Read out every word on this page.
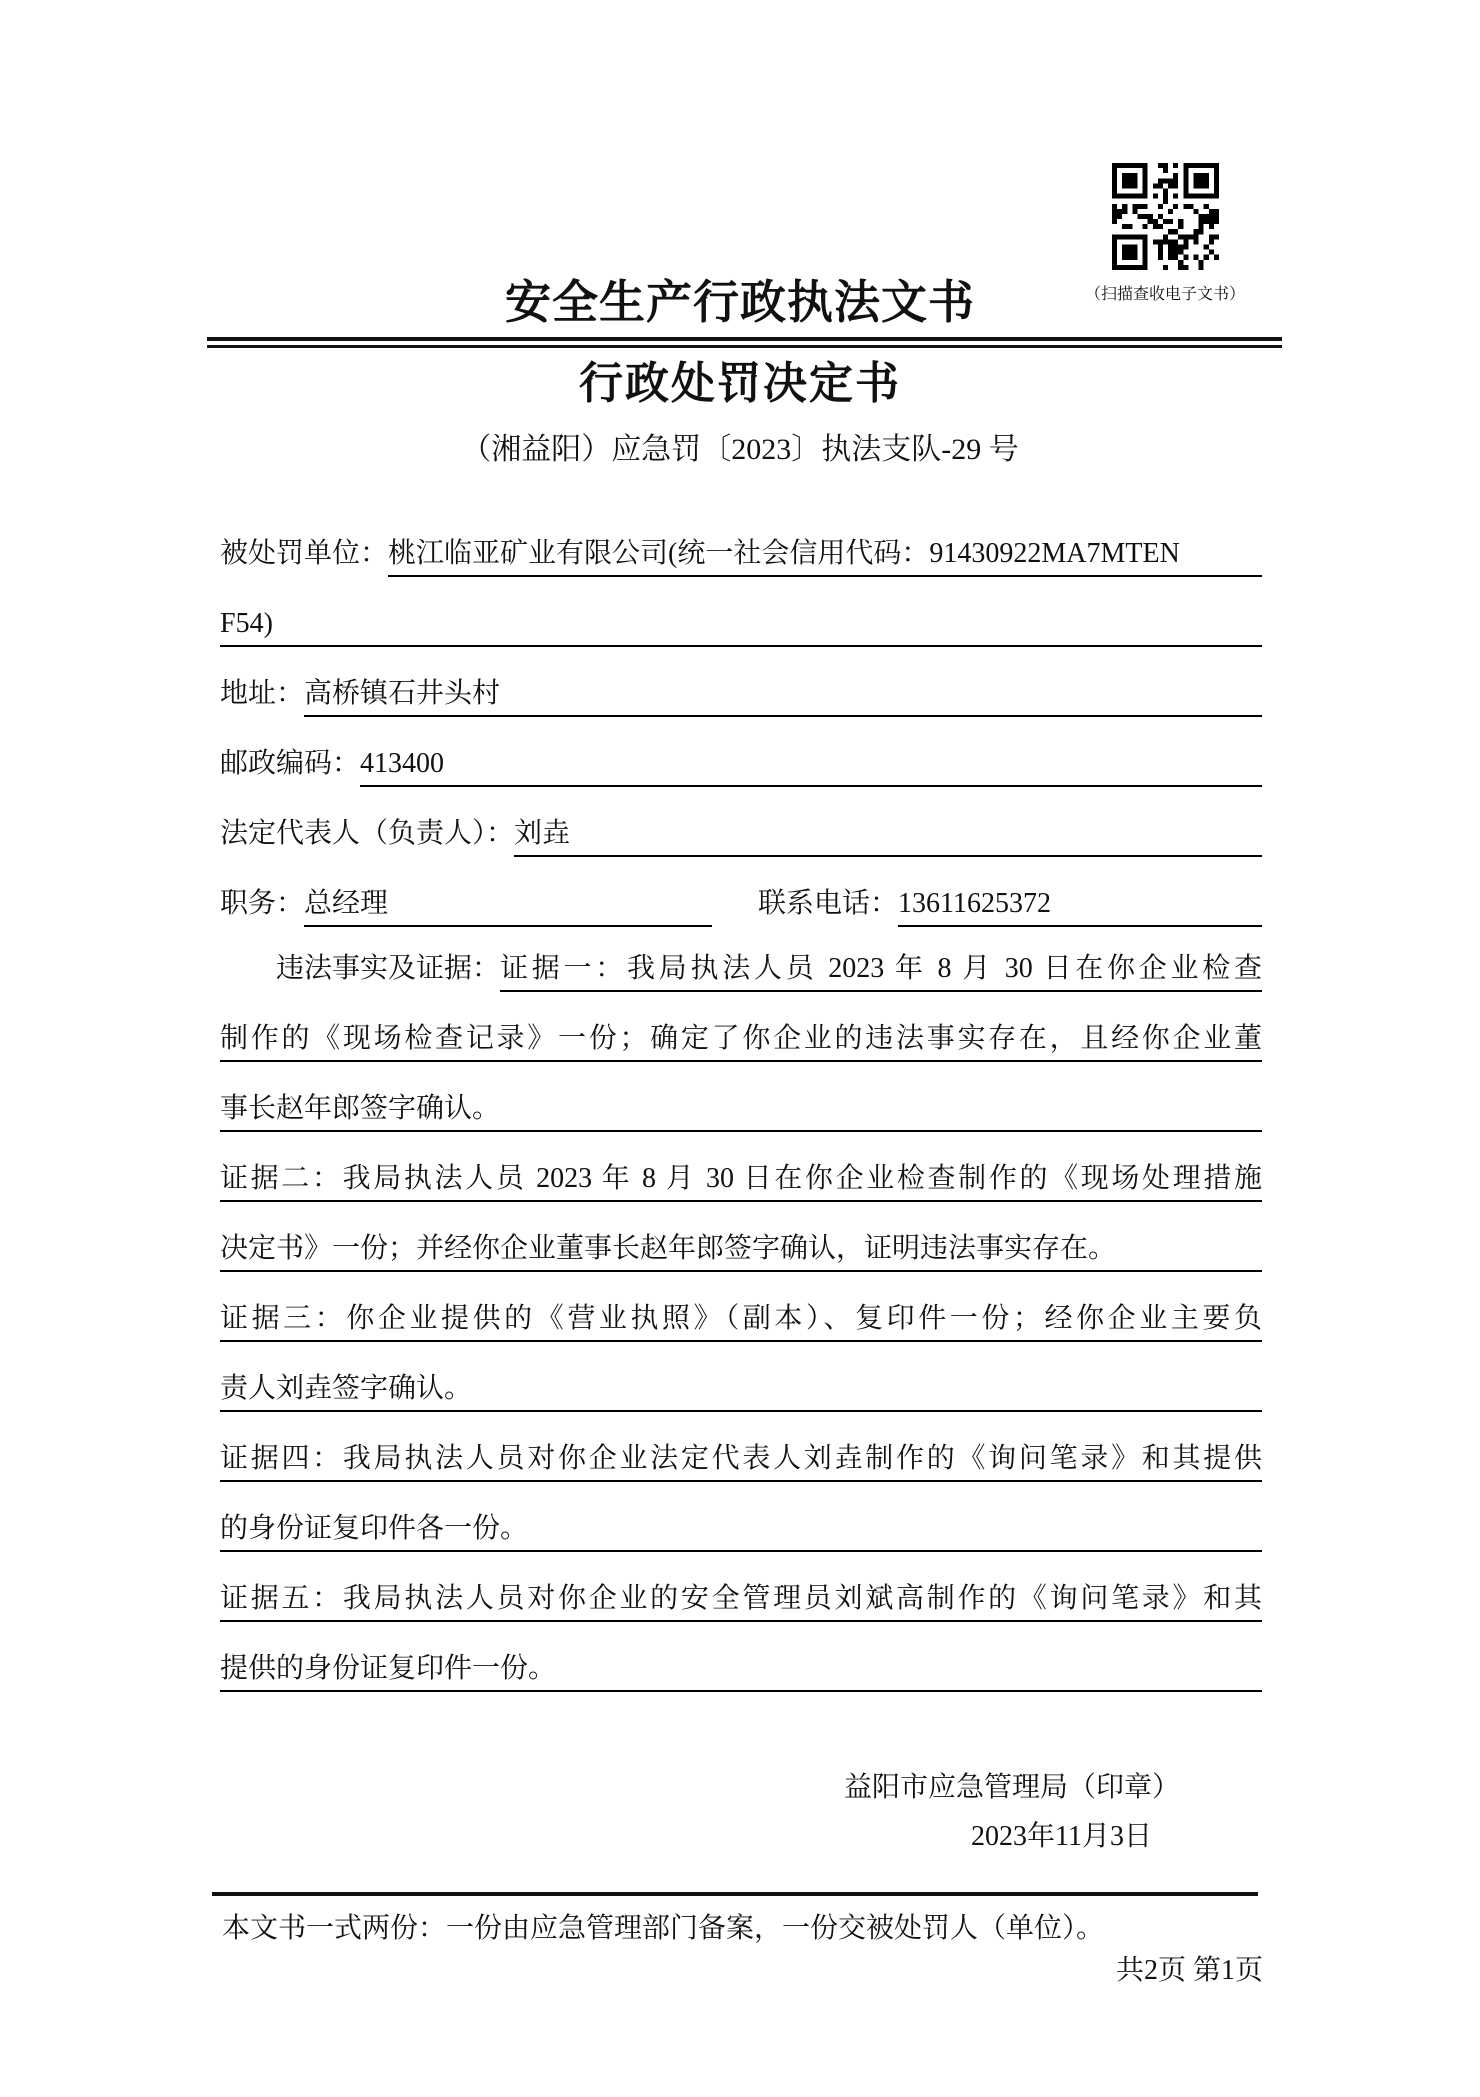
（扫描查收电子文书）
安全生产行政执法文书
行政处罚决定书
（湘益阳）应急罚〔2023〕执法支队-29 号
被处罚单位： 桃江临亚矿业有限公司(统一社会信用代码：91430922MA7MTEN
F54)
地址： 高桥镇石井头村
邮政编码： 413400
法定代表人（负责人）： 刘垚
职务： 总经理	联系电话： 13611625372
违法事实及证据： 证据一：我局执法人员 2023 年 8 月 30 日在你企业检查
制作的《现场检查记录》一份；确定了你企业的违法事实存在，且经你企业董
事长赵年郎签字确认。
证据二：我局执法人员 2023 年 8 月 30 日在你企业检查制作的《现场处理措施
决定书》一份；并经你企业董事长赵年郎签字确认，证明违法事实存在。
证据三：你企业提供的《营业执照》（副本）、复印件一份；经你企业主要负
责人刘垚签字确认。
证据四：我局执法人员对你企业法定代表人刘垚制作的《询问笔录》和其提供
的身份证复印件各一份。
证据五：我局执法人员对你企业的安全管理员刘斌高制作的《询问笔录》和其
提供的身份证复印件一份。
益阳市应急管理局（印章）
2023年11月3日
本文书一式两份：一份由应急管理部门备案，一份交被处罚人（单位）。
共2页 第1页
